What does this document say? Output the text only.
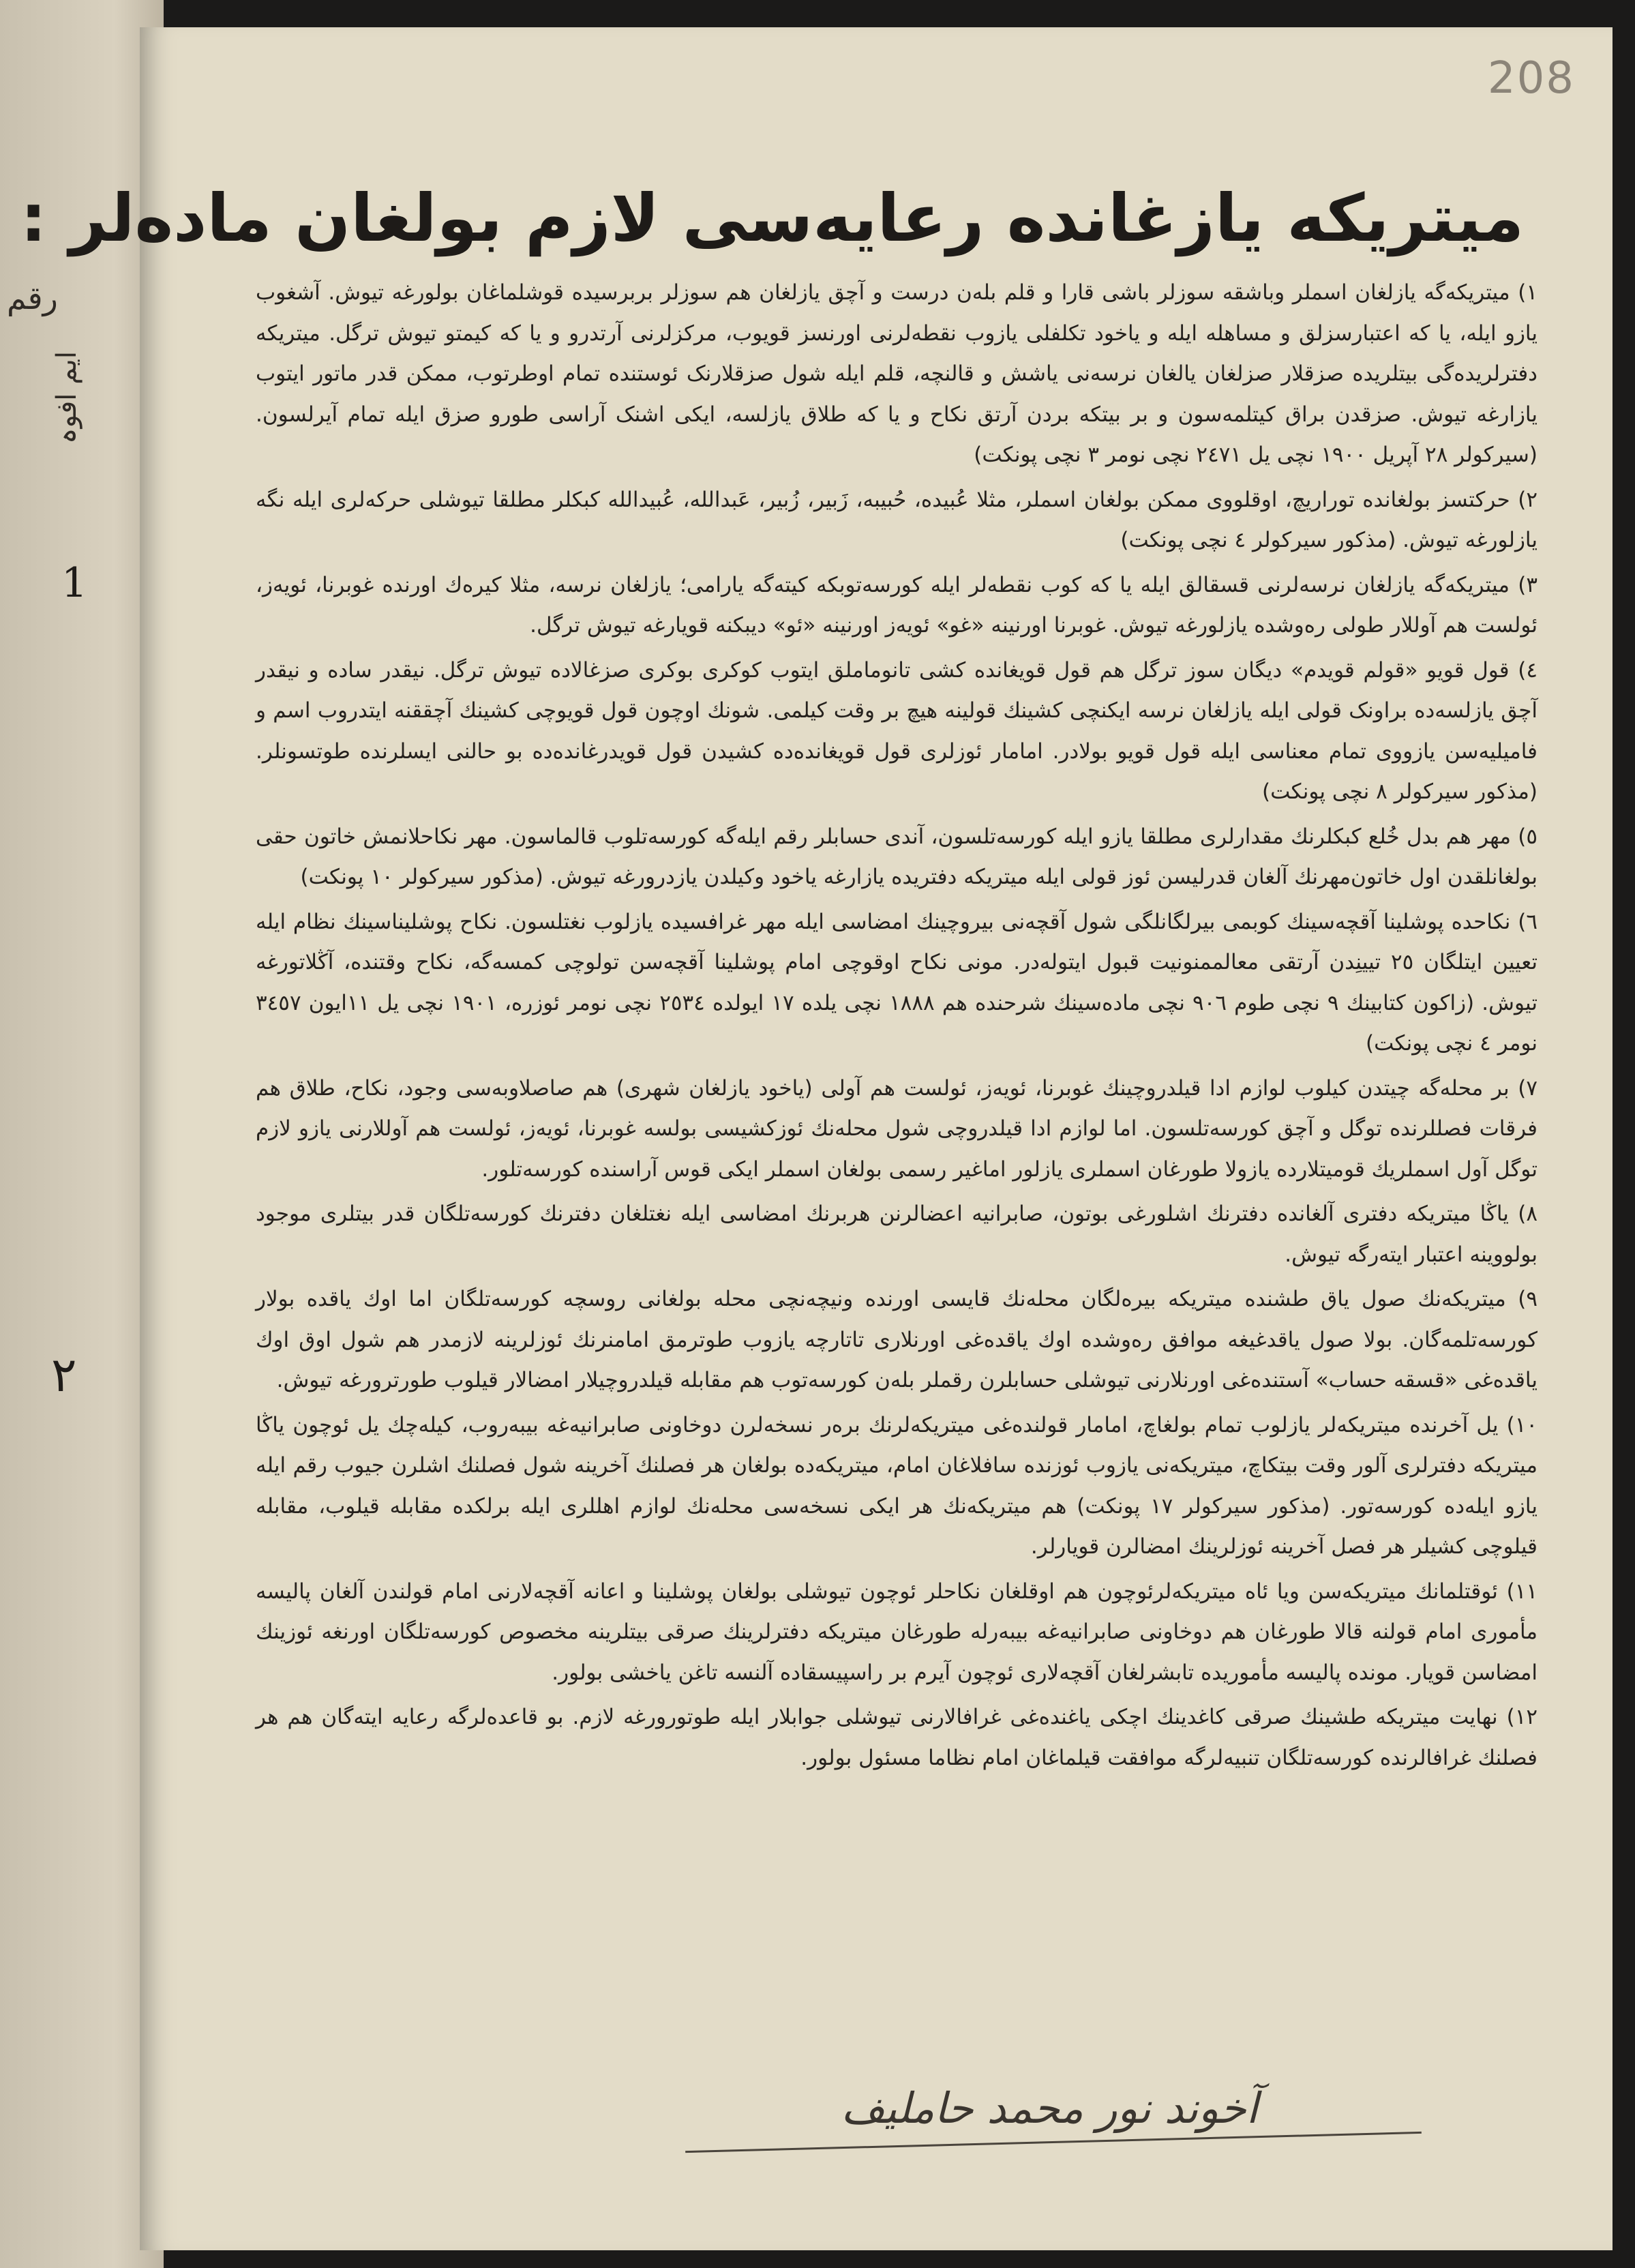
رقم
ایم افوہ
208
1
۲
میتریکه یازغانده رعایه‌سی لازم بولغان ماده‌لر :

١) میتریکه‌گه یازلغان اسملر وباشقه سوزلر باشی قارا و قلم بله‌ن درست و آچق یازلغان هم سوزلر بربرسیده قوشلماغان بولورغه تیوش. آشغوب یازو ایله، یا که اعتبارسزلق و مساهله ایله و یاخود تکلفلی یازوب نقطه‌لرنی اورنسز قویوب، مرکزلرنی آرتدرو و یا که کیمتو تیوش ترگل. میتریکه دفترلریده‌گی بیتلریده صزقلار صزلغان یالغان نرسه‌نی یاشش و قالنچه، قلم ایله شول صزقلارنک ئوستنده تمام اوطرتوب، ممکن قدر ماتور ایتوب یازارغه تیوش. صزقدن براق کیتلمه‌سون و بر بیتکه بردن آرتق نکاح و یا که طلاق یازلسه، ایکی اشنک آراسی طورو صزق ایله تمام آیرلسون. (سیرکولر ٢٨ آپریل ١٩٠٠ نچی یل ٢٤٧١ نچی نومر ٣ نچی پونکت)

٢) حرکتسز بولغانده توراریچ، اوقلووی ممکن بولغان اسملر، مثلا عُبیده، حُبیبه، زَبیر، زُبیر، عَبدالله، عُبیدالله کبکلر مطلقا تیوشلی حرکه‌لری ایله نگه یازلورغه تیوش. (مذکور سیرکولر ٤ نچی پونکت)

٣) میتریکه‌گه یازلغان نرسه‌لرنی قسقالق ایله یا که کوب نقطه‌لر ایله کورسه‌توبکه کیته‌گه یارامی؛ یازلغان نرسه، مثلا کیره‌ك اورنده غوبرنا، ئویه‌ز، ئولست هم آوللار طولی رەوشده یازلورغه تیوش. غوبرنا اورنینه «غو» ئویه‌ز اورنینه «ئو» دیبکنه قویارغه تیوش ترگل.

٤) قول قویو «قولم قویدم» دیگان سوز ترگل هم قول قویغانده کشی تانوماملق ایتوب کوکری بوکری صزغالاده تیوش ترگل. نیقدر ساده و نیقدر آچق یازلسه‌ده براونک قولی ایله یازلغان نرسه ایکنچی کشینك قولینه هیچ بر وقت کیلمی. شونك اوچون قول قویوچی کشینك آچققنه ایتدروب اسم و فامیلیه‌سن یازووی تمام معناسی ایله قول قویو بولادر. امامار ئوزلری قول قویغانده‌ده کشیدن قول قویدرغانده‌ده بو حالنی ایسلرنده طوتسونلر. (مذکور سیرکولر ٨ نچی پونکت)

٥) مهر هم بدل خُلع کبکلرنك مقدارلری مطلقا یازو ایله کورسه‌تلسون، آندی حسابلر رقم ایله‌گه کورسه‌تلوب قالماسون. مهر نکاحلانمش خاتون حقی بولغانلقدن اول خاتون‌مهرنك آلغان قدرلیسن ئوز قولی ایله میتریکه دفتریده یازارغه یاخود وکیلدن یازدرورغه تیوش. (مذکور سیرکولر ١٠ پونکت)

٦) نکاحده پوشلینا آقچه‌سینك کوبمی بیرلگانلگی شول آقچه‌نی بیروچینك امضاسی ایله مهر غرافسیده یازلوب نغتلسون. نکاح پوشلیناسینك نظام ایله تعیین ایتلگان ٢٥ تیینِدن آرتقی معالممنونیت قبول ایتوله‌در. مونی نکاح اوقوچی امام پوشلینا آقچه‌سن تولوچی کمسه‌گه، نکاح وقتنده، آڭلاتورغه تیوش. (زاکون کتابینك ٩ نچی طوم ٩٠٦ نچی ماده‌سینك شرحنده هم ١٨٨٨ نچی یلده ١٧ ایولده ٢٥٣٤ نچی نومر ئوزره، ١٩٠١ نچی یل ١١ایون ٣٤٥٧ نومر ٤ نچی پونکت)

٧) بر محله‌گه چیتدن کیلوب لوازم ادا قیلدروچینك غوبرنا، ئویه‌ز، ئولست هم آولی (یاخود یازلغان شهری) هم صاصلاوبه‌سی وجود، نکاح، طلاق هم فرقات فصللرنده توگل و آچق کورسه‌تلسون. اما لوازم ادا قیلدروچی شول محله‌نك ئوزکشیسی بولسه غوبرنا، ئویه‌ز، ئولست هم آوللارنی یازو لازم توگل آول اسملریك قومیتلارده یازولا طورغان اسملری یازلور اماغیر رسمی بولغان اسملر ایکی قوس آراسنده کورسه‌تلور.

٨) یاڭا میتریکه دفتری آلغانده دفترنك اشلورغی بوتون، صابرانیه اعضالرنن هر‌برنك امضاسی ایله نغتلغان دفترنك کورسه‌تلگان قدر بیتلری موجود بولووینه اعتبار ایته‌رگه تیوش.

٩) میتریکه‌نك صول یاق طشنده میتریکه بیره‌لگان محله‌نك قایسی اورنده ونیچه‌نچی محله بولغانی روسچه کورسه‌تلگان اما اوك یاقده بولار کورسه‌تلمه‌گان. بولا صول یاقدغیغه موافق رەوشده اوك یاقده‌غی اورنلاری تاتارچه یازوب طوترمق امامنرنك ئوزلرینه لازمدر هم شول اوق اوك یاقده‌غی «قسقه حساب» آستنده‌غی اورنلارنی تیوشلی حسابلرن رقملر بله‌ن کورسه‌توب هم مقابله قیلدروچیلار امضالار قیلوب طورترورغه تیوش.

١٠) یل آخرنده میتریکه‌لر یازلوب تمام بولغاچ، امامار قولنده‌غی میتریکه‌لرنك بره‌ر نسخه‌لرن دوخاونی صابرانیه‌غه بیبه‌روب، کیله‌چك یل ئوچون یاڭا میتریکه دفترلری آلور وقت بیتکاچ، میتریکه‌نی یازوب ئوزنده سافلاغان امام، میتریکه‌ده بولغان هر فصلنك آخرینه شول فصلنك اشلرن جیوب رقم ایله یازو ایله‌ده کورسه‌تور. (مذکور سیرکولر ١٧ پونکت) هم میتریکه‌نك هر ایکی نسخه‌سی محله‌نك لوازم اهللری ایله برلکده مقابله قیلوب، مقابله قیلوچی کشیلر هر فصل آخرینه ئوزلرینك امضالرن قویارلر.

١١) ئوقتلمانك میتریکه‌سن ویا ئاه میتریکه‌لرئوچون هم اوقلغان نکاحلر ئوچون تیوشلی بولغان پوشلینا و اعانه آقچه‌لارنی امام قولندن آلغان پالیسه مأموری امام قولنه قالا طورغان هم دوخاونی صابرانیه‌غه بیبه‌رله طورغان میتریکه دفترلرینك صرقی بیتلرینه مخصوص کورسه‌تلگان اورنغه ئوزینك امضاسن قویار. مونده پالیسه مأموریده تابشرلغان آقچه‌لاری ئوچون آیرم بر راسپیسقاده آلنسه تاغن یاخشی بولور.

١٢) نهایت میتریکه طشینك صرقی کاغدینك اچکی یاغنده‌غی غرافالارنی تیوشلی جوابلار ایله طوتورورغه لازم. بو قاعده‌لرگه رعایه ایته‌گان هم هر فصلنك غرافالرنده کورسه‌تلگان تنبیه‌لرگه موافقت قیلماغان امام نظاما مسئول بولور.

آخوند نور محمد حاملیف
